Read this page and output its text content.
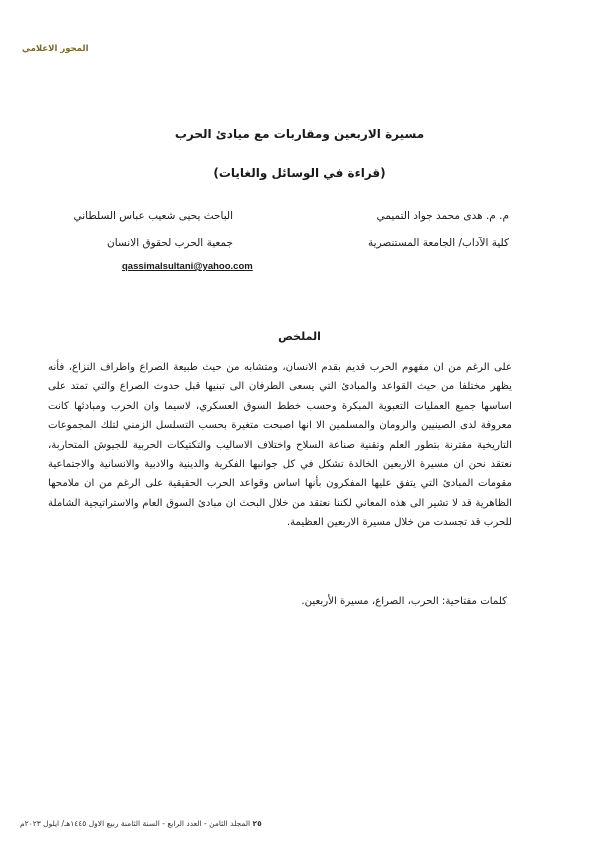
المحور الاعلامي
مسيرة الاربعين ومقاربات مع ميادئ الحرب
(قراءة في الوسائل والغايات)
م. م. هدى محمد جواد التميمي
كلية الآداب/ الجامعة المستنصرية
الباحث يحيى شعيب عباس السلطاني
جمعية الحرب لحقوق الانسان
qassimalsultani@yahoo.com
الملخص
على الرغم من ان مفهوم الحرب قديم بقدم الانسان، ومتشابه من حيث طبيعة الصراع واطراف النزاع، فأنه يظهر مختلفا من حيث القواعد والمبادئ التي يسعى الطرفان الى تبنيها قبل حدوث الصراع والتي تمتد على اساسها جميع العمليات التعبوية المبكرة وحسب خطط السوق العسكري، لاسيما وان الحرب ومبادئها كانت معروفة لدى الصينيين والرومان والمسلمين الا انها اصبحت متغيرة بحسب التسلسل الزمني لتلك المجموعات التاريخية مقترنة بتطور العلم وتقنية صناعة السلاح واختلاف الاساليب والتكتيكات الحربية للجيوش المتحاربة، نعتقد نحن ان مسيرة الاربعين الخالدة تشكل في كل جوانبها الفكرية والدينية والادبية والانسانية والاجتماعية مقومات المبادئ التي يتفق عليها المفكرون بأنها اساس وقواعد الحرب الحقيقية على الرغم من ان ملامحها الظاهرية قد لا تشير الى هذه المعاني لكننا نعتقد من خلال البحث ان مبادئ السوق العام والاستراتيجية الشاملة للحرب قد تجسدت من خلال مسيرة الاربعين العظيمة.
كلمات مفتاحية: الحرب، الصراع، مسيرة الأربعين.
٢٥ المجلد الثامن - العدد الرابع - السنة الثامنة ربيع الاول ١٤٤٥هـ/ ايلول ٢٠٢٣م
